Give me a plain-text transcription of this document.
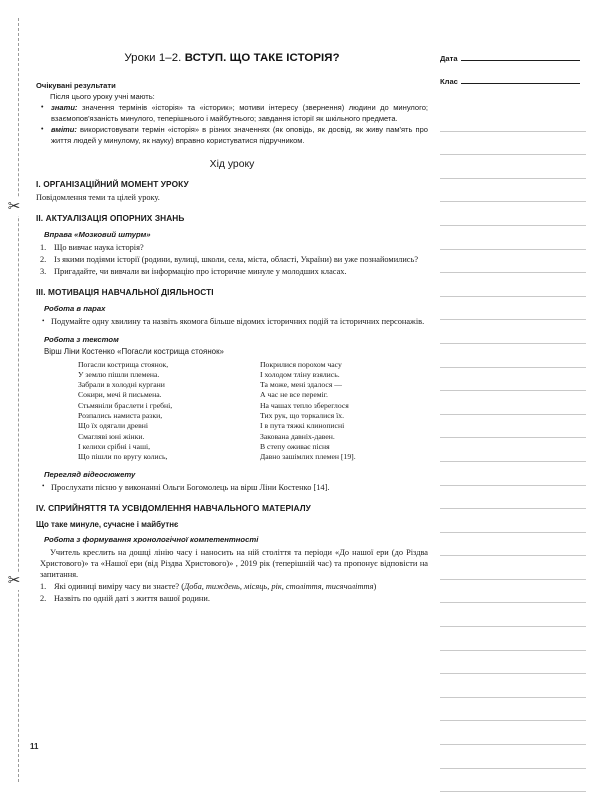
✂
✂
Уроки 1–2. ВСТУП. ЩО ТАКЕ ІСТОРІЯ?
Очікувані результати
Після цього уроку учні мають:
• знати: значення термінів «історія» та «історик»; мотиви інтересу (звернення) людини до минулого; взаємопов'язаність минулого, теперішнього і майбутнього; завдання історії як шкільного предмета.
• вміти: використовувати термін «історія» в різних значеннях (як оповідь, як досвід, як живу пам'ять про життя людей у минулому, як науку) вправно користуватися підручником.
Хід уроку
I. ОРГАНІЗАЦІЙНИЙ МОМЕНТ УРОКУ
Повідомлення теми та цілей уроку.
II. АКТУАЛІЗАЦІЯ ОПОРНИХ ЗНАНЬ
Вправа «Мозковий штурм»
Що вивчає наука історія?
Із якими подіями історії (родини, вулиці, школи, села, міста, області, України) ви уже познайомились?
Пригадайте, чи вивчали ви інформацію про історичне минуле у молодших класах.
III. МОТИВАЦІЯ НАВЧАЛЬНОЇ ДІЯЛЬНОСТІ
Робота в парах
• Подумайте одну хвилину та назвіть якомога більше відомих історичних подій та історичних персонажів.
Робота з текстом
Вірш Ліни Костенко «Погасли кострища стоянок»
Погасли кострища стоянок,
У землю пішли племена.
Забрали в холодні кургани
Сокири, мечі й письмена.
Стьмяніли браслети і гребні,
Розпались намиста разки,
Що їх одягали древні
Смагляві юні жінки.
І келихи срібні і чаші,
Що пішли по вругу колись,
Покрилися порохом часу
І холодом тліну взялись.
Та може, мені здалося —
А час не все переміг.
На чашах тепло збереглося
Тих рук, що торкалися їх.
І в пута тяжкі клинописні
Закована давніх-давен.
В степу оживає пісня
Давно зашімлих племен [19].
Перегляд відеосюжету
• Прослухати пісню у виконанні Ольги Богомолець на вірш Ліни Костенко [14].
IV. СПРИЙНЯТТЯ ТА УСВІДОМЛЕННЯ НАВЧАЛЬНОГО МАТЕРІАЛУ
Що таке минуле, сучасне і майбутнє
Робота з формування хронологічної компетентності
Учитель креслить на дошці лінію часу і наносить на ній століття та періоди «До нашої ери (до Різдва Христового)» та «Нашої ери (від Різдва Христового)» , 2019 рік (теперішній час) та пропонує відповісти на запитання.
Які одиниці виміру часу ви знаєте? (Доба, тиждень, місяць, рік, століття, тисячоліття)
Назвіть по одній даті з життя вашої родини.
11
Дата
Клас
